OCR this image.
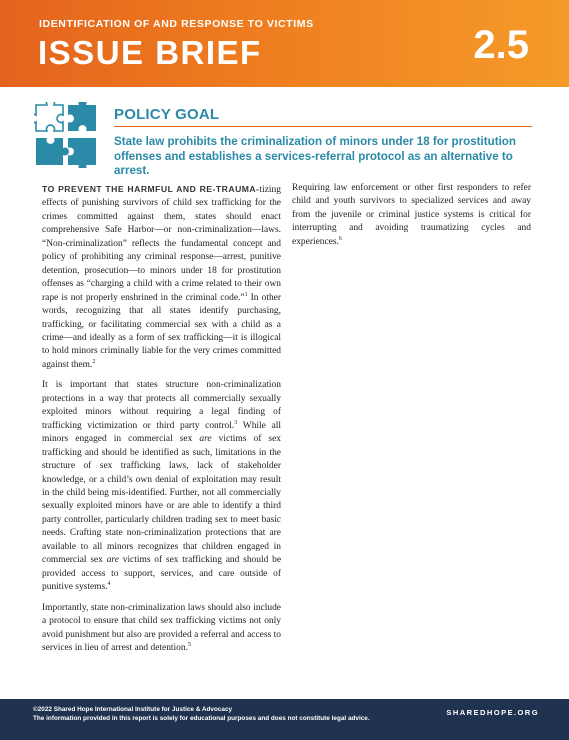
IDENTIFICATION OF AND RESPONSE TO VICTIMS
ISSUE BRIEF	2.5
POLICY GOAL
State law prohibits the criminalization of minors under 18 for prostitution offenses and establishes a services-referral protocol as an alternative to arrest.

TO PREVENT THE HARMFUL AND RE-TRAUMA-tizing effects of punishing survivors of child sex trafficking for the crimes committed against them, states should enact comprehensive Safe Harbor—or non-criminalization—laws. “Non-criminalization” reflects the fundamental concept and policy of prohibiting any criminal response—arrest, punitive detention, prosecution—to minors under 18 for prostitution offenses as “charging a child with a crime related to their own rape is not properly enshrined in the criminal code.”$^1$ In other words, recognizing that all states identify purchasing, trafficking, or facilitating commercial sex with a child as a crime—and ideally as a form of sex trafficking—it is illogical to hold minors criminally liable for the very crimes committed against them.$^2$

It is important that states structure non-criminalization protections in a way that protects all commercially sexually exploited minors without requiring a legal finding of trafficking victimization or third party control.$^3$ While all minors engaged in commercial sex are victims of sex trafficking and should be identified as such, limitations in the structure of sex trafficking laws, lack of stakeholder knowledge, or a child’s own denial of exploitation may result in the child being mis-identified. Further, not all commercially sexually exploited minors have or are able to identify a third party controller, particularly children trading sex to meet basic needs. Crafting state non-criminalization protections that are available to all minors recognizes that children engaged in commercial sex are victims of sex trafficking and should be provided access to support, services, and care outside of punitive systems.$^4$

Importantly, state non-criminalization laws should also include a protocol to ensure that child sex trafficking victims not only avoid punishment but also are provided a referral and access to services in lieu of arrest and detention.$^5$

©2022 Shared Hope International Institute for Justice & Advocacy
The information provided in this report is solely for educational purposes and does not constitute legal advice.
SHAREDHOPE.ORG

Requiring law enforcement or other first responders to refer child and youth survivors to specialized services and away from the juvenile or criminal justice systems is critical for interrupting and avoiding traumatizing cycles and experiences.$^6$
